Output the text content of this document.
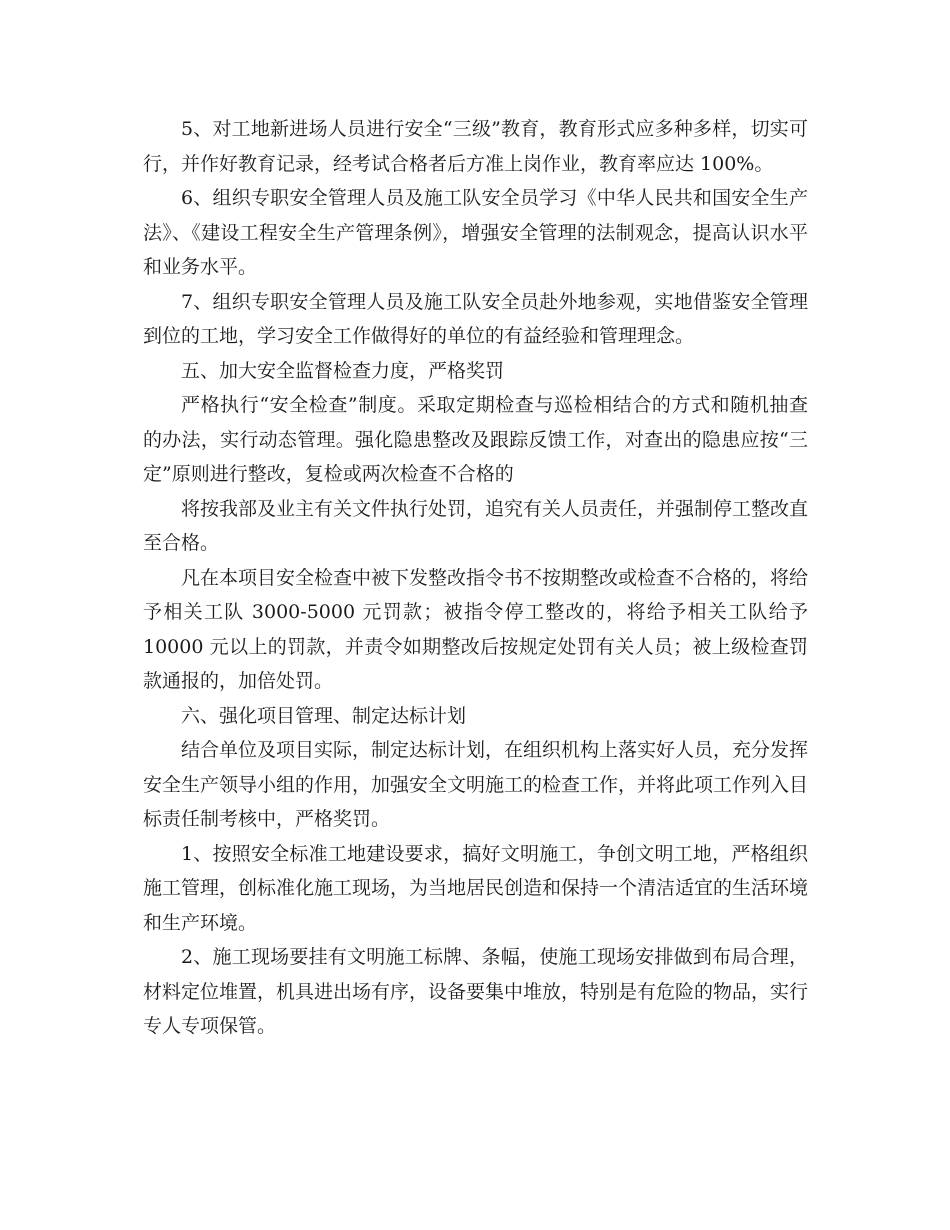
5、对工地新进场人员进行安全“三级”教育，教育形式应多种多样，切实可行，并作好教育记录，经考试合格者后方准上岗作业，教育率应达 100%。

6、组织专职安全管理人员及施工队安全员学习《中华人民共和国安全生产法》、《建设工程安全生产管理条例》，增强安全管理的法制观念，提高认识水平和业务水平。

7、组织专职安全管理人员及施工队安全员赴外地参观，实地借鉴安全管理到位的工地，学习安全工作做得好的单位的有益经验和管理理念。

五、加大安全监督检查力度，严格奖罚

严格执行“安全检查”制度。采取定期检查与巡检相结合的方式和随机抽查的办法，实行动态管理。强化隐患整改及跟踪反馈工作，对查出的隐患应按“三定”原则进行整改，复检或两次检查不合格的

将按我部及业主有关文件执行处罚，追究有关人员责任，并强制停工整改直至合格。

凡在本项目安全检查中被下发整改指令书不按期整改或检查不合格的，将给予相关工队 3000-5000 元罚款；被指令停工整改的，将给予相关工队给予 10000 元以上的罚款，并责令如期整改后按规定处罚有关人员；被上级检查罚款通报的，加倍处罚。

六、强化项目管理、制定达标计划

结合单位及项目实际，制定达标计划，在组织机构上落实好人员，充分发挥安全生产领导小组的作用，加强安全文明施工的检查工作，并将此项工作列入目标责任制考核中，严格奖罚。

1、按照安全标准工地建设要求，搞好文明施工，争创文明工地，严格组织施工管理，创标准化施工现场，为当地居民创造和保持一个清洁适宜的生活环境和生产环境。

2、施工现场要挂有文明施工标牌、条幅，使施工现场安排做到布局合理，材料定位堆置，机具进出场有序，设备要集中堆放，特别是有危险的物品，实行专人专项保管。
